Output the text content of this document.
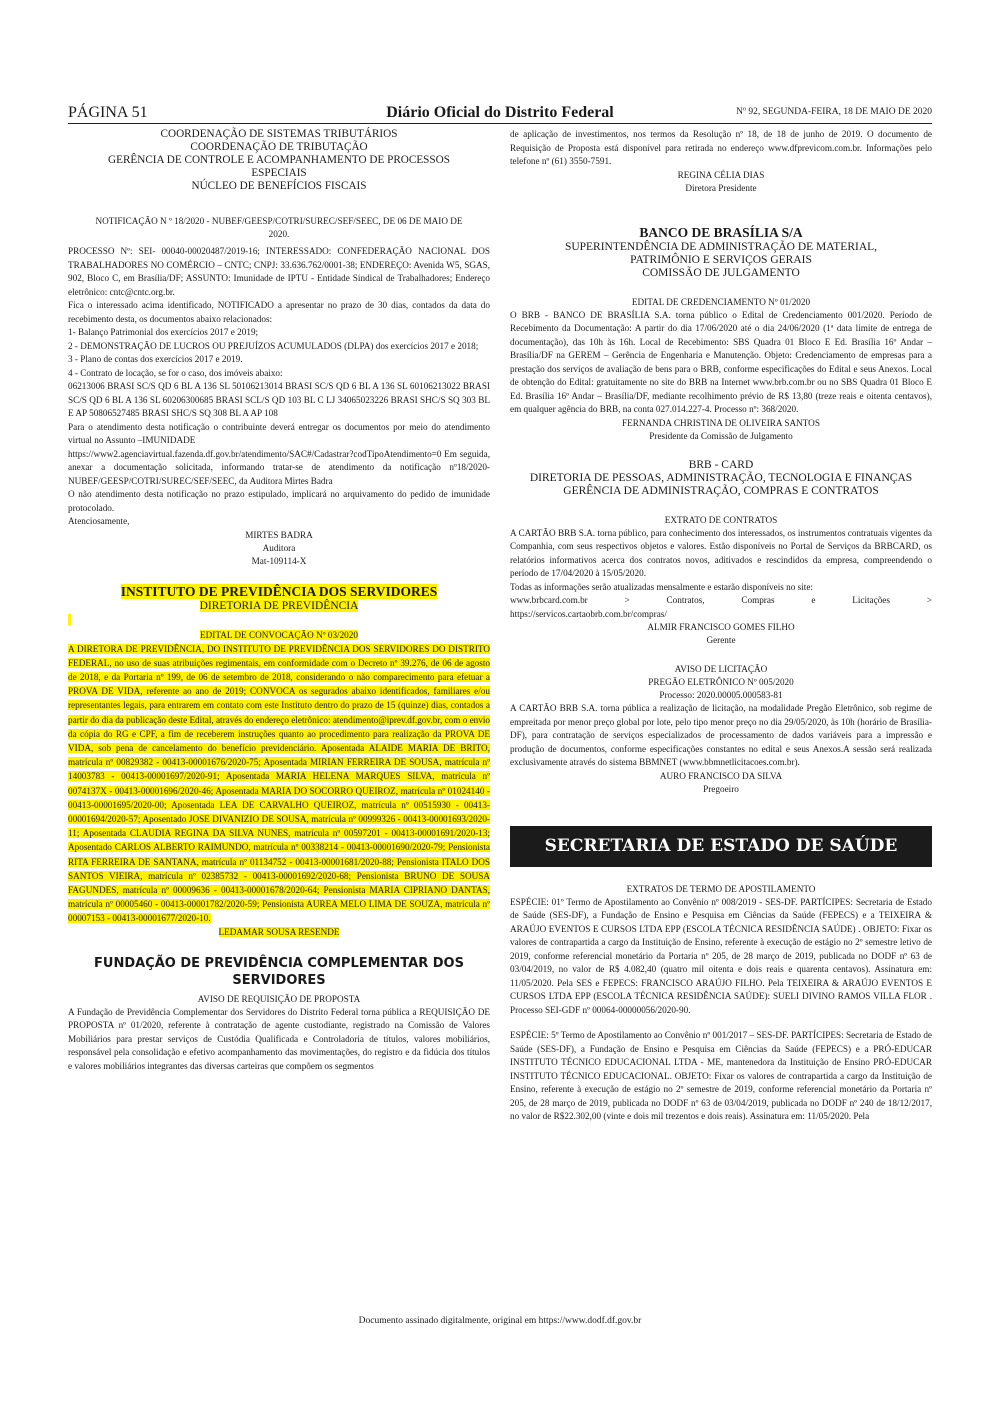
PÁGINA 51	Diário Oficial do Distrito Federal	Nº 92, SEGUNDA-FEIRA, 18 DE MAIO DE 2020

COORDENAÇÃO DE SISTEMAS TRIBUTÁRIOS

COORDENAÇÃO DE TRIBUTAÇÃO

GERÊNCIA DE CONTROLE E ACOMPANHAMENTO DE PROCESSOS ESPECIAIS

NÚCLEO DE BENEFÍCIOS FISCAIS

NOTIFICAÇÃO N º 18/2020 - NUBEF/GEESP/COTRI/SUREC/SEF/SEEC, DE 06 DE MAIO DE 2020.

PROCESSO Nº: SEI- 00040-00020487/2019-16; INTERESSADO: CONFEDERAÇÃO NACIONAL DOS TRABALHADORES NO COMÉRCIO – CNTC; CNPJ: 33.636.762/0001-38; ENDEREÇO: Avenida W5, SGAS, 902, Bloco C, em Brasília/DF; ASSUNTO: Imunidade de IPTU - Entidade Sindical de Trabalhadores; Endereço eletrônico: cntc@cntc.org.br.

Fica o interessado acima identificado, NOTIFICADO a apresentar no prazo de 30 dias, contados da data do recebimento desta, os documentos abaixo relacionados:

1- Balanço Patrimonial dos exercícios 2017 e 2019;

2 - DEMONSTRAÇÃO DE LUCROS OU PREJUÍZOS ACUMULADOS (DLPA) dos exercícios 2017 e 2018;

3 - Plano de contas dos exercícios 2017 e 2019.

4 - Contrato de locação, se for o caso, dos imóveis abaixo:

06213006 BRASI SC/S QD 6 BL A 136 SL 50106213014 BRASI SC/S QD 6 BL A 136 SL 60106213022 BRASI SC/S QD 6 BL A 136 SL 60206300685 BRASI SCL/S QD 103 BL C LJ 34065023226 BRASI SHC/S SQ 303 BL E AP 50806527485 BRASI SHC/S SQ 308 BL A AP 108

Para o atendimento desta notificação o contribuinte deverá entregar os documentos por meio do atendimento virtual no Assunto –IMUNIDADE

https://www2.agenciavirtual.fazenda.df.gov.br/atendimento/SAC#/Cadastrar?codTipoAtendimento=0 Em seguida, anexar a documentação solicitada, informando tratar-se de atendimento da notificação nº18/2020- NUBEF/GEESP/COTRI/SUREC/SEF/SEEC, da Auditora Mirtes Badra

O não atendimento desta notificação no prazo estipulado, implicará no arquivamento do pedido de imunidade protocolado.

Atenciosamente,

MIRTES BADRA

Auditora

Mat-109114-X

INSTITUTO DE PREVIDÊNCIA DOS SERVIDORES

DIRETORIA DE PREVIDÊNCIA

EDITAL DE CONVOCAÇÃO Nº 03/2020

A DIRETORA DE PREVIDÊNCIA, DO INSTITUTO DE PREVIDÊNCIA DOS SERVIDORES DO DISTRITO FEDERAL, no uso de suas atribuições regimentais, em conformidade com o Decreto nº 39.276, de 06 de agosto de 2018, e da Portaria nº 199, de 06 de setembro de 2018, considerando o não comparecimento para efetuar a PROVA DE VIDA, referente ao ano de 2019; CONVOCA os segurados abaixo identificados, familiares e/ou representantes legais, para entrarem em contato com este Instituto dentro do prazo de 15 (quinze) dias, contados a partir do dia da publicação deste Edital, através do endereço eletrônico: atendimento@iprev.df.gov.br, com o envio da cópia do RG e CPF, a fim de receberem instruções quanto ao procedimento para realização da PROVA DE VIDA, sob pena de cancelamento do benefício previdenciário. Aposentada ALAIDE MARIA DE BRITO, matrícula nº 00829382 - 00413-00001676/2020-75; Aposentada MIRIAN FERREIRA DE SOUSA, matrícula nº 14003783 - 00413-00001697/2020-91; Aposentada MARIA HELENA MARQUES SILVA, matrícula nº 0074137X - 00413-00001696/2020-46; Aposentada MARIA DO SOCORRO QUEIROZ, matrícula nº 01024140 - 00413-00001695/2020-00; Aposentada LEA DE CARVALHO QUEIROZ, matrícula nº 00515930 - 00413-00001694/2020-57; Aposentado JOSE DIVANIZIO DE SOUSA, matrícula nº 00999326 - 00413-00001693/2020-11; Aposentada CLAUDIA REGINA DA SILVA NUNES, matrícula nº 00597201 - 00413-00001691/2020-13; Aposentado CARLOS ALBERTO RAIMUNDO, matrícula nº 00338214 - 00413-00001690/2020-79; Pensionista RITA FERREIRA DE SANTANA, matrícula nº 01134752 - 00413-00001681/2020-88; Pensionista ITALO DOS SANTOS VIEIRA, matrícula nº 02385732 - 00413-00001692/2020-68; Pensionista BRUNO DE SOUSA FAGUNDES, matrícula nº 00009636 - 00413-00001678/2020-64; Pensionista MARIA CIPRIANO DANTAS, matrícula nº 00005460 - 00413-00001782/2020-59; Pensionista AUREA MELO LIMA DE SOUZA, matrícula nº 00007153 - 00413-00001677/2020-10.

LEDAMAR SOUSA RESENDE

FUNDAÇÃO DE PREVIDÊNCIA COMPLEMENTAR DOS SERVIDORES

AVISO DE REQUISIÇÃO DE PROPOSTA

A Fundação de Previdência Complementar dos Servidores do Distrito Federal torna pública a REQUISIÇÃO DE PROPOSTA nº 01/2020, referente à contratação de agente custodiante, registrado na Comissão de Valores Mobiliários para prestar serviços de Custódia Qualificada e Controladoria de títulos, valores mobiliários, responsável pela consolidação e efetivo acompanhamento das movimentações, do registro e da fidúcia dos títulos e valores mobiliários integrantes das diversas carteiras que compõem os segmentos

de aplicação de investimentos, nos termos da Resolução nº 18, de 18 de junho de 2019. O documento de Requisição de Proposta está disponível para retirada no endereço www.dfprevicom.com.br. Informações pelo telefone nº (61) 3550-7591.

REGINA CÉLIA DIAS

Diretora Presidente

BANCO DE BRASÍLIA S/A

SUPERINTENDÊNCIA DE ADMINISTRAÇÃO DE MATERIAL, PATRIMÔNIO E SERVIÇOS GERAIS

COMISSÃO DE JULGAMENTO

EDITAL DE CREDENCIAMENTO Nº 01/2020

O BRB - BANCO DE BRASÍLIA S.A. torna público o Edital de Credenciamento 001/2020. Período de Recebimento da Documentação: A partir do dia 17/06/2020 até o dia 24/06/2020 (1ª data limite de entrega de documentação), das 10h às 16h. Local de Recebimento: SBS Quadra 01 Bloco E Ed. Brasília 16º Andar – Brasília/DF na GEREM – Gerência de Engenharia e Manutenção. Objeto: Credenciamento de empresas para a prestação dos serviços de avaliação de bens para o BRB, conforme especificações do Edital e seus Anexos. Local de obtenção do Edital: gratuitamente no site do BRB na Internet www.brb.com.br ou no SBS Quadra 01 Bloco E Ed. Brasília 16º Andar – Brasília/DF, mediante recolhimento prévio de R$ 13,80 (treze reais e oitenta centavos), em qualquer agência do BRB, na conta 027.014.227-4. Processo nº: 368/2020.

FERNANDA CHRISTINA DE OLIVEIRA SANTOS

Presidente da Comissão de Julgamento

BRB - CARD

DIRETORIA DE PESSOAS, ADMINISTRAÇÃO, TECNOLOGIA E FINANÇAS

GERÊNCIA DE ADMINISTRAÇÃO, COMPRAS E CONTRATOS

EXTRATO DE CONTRATOS

A CARTÃO BRB S.A. torna público, para conhecimento dos interessados, os instrumentos contratuais vigentes da Companhia, com seus respectivos objetos e valores. Estão disponíveis no Portal de Serviços da BRBCARD, os relatórios informativos acerca dos contratos novos, aditivados e rescindidos da empresa, compreendendo o período de 17/04/2020 à 15/05/2020.

Todas as informações serão atualizadas mensalmente e estarão disponíveis no site:

www.brbcard.com.br	>	Contratos,	Compras	e	Licitações	>

https://servicos.cartaobrb.com.br/compras/

ALMIR FRANCISCO GOMES FILHO

Gerente

AVISO DE LICITAÇÃO

PREGÃO ELETRÔNICO Nº 005/2020

Processo: 2020.00005.000583-81

A CARTÃO BRB S.A. torna pública a realização de licitação, na modalidade Pregão Eletrônico, sob regime de empreitada por menor preço global por lote, pelo tipo menor preço no dia 29/05/2020, às 10h (horário de Brasília-DF), para contratação de serviços especializados de processamento de dados variáveis para a impressão e produção de documentos, conforme especificações constantes no edital e seus Anexos.A sessão será realizada exclusivamente através do sistema BBMNET (www.bbmnetlicitacoes.com.br).

AURO FRANCISCO DA SILVA

Pregoeiro

SECRETARIA DE ESTADO DE SAÚDE

EXTRATOS DE TERMO DE APOSTILAMENTO

ESPÉCIE: 01º Termo de Apostilamento ao Convênio nº 008/2019 - SES-DF. PARTÍCIPES: Secretaria de Estado de Saúde (SES-DF), a Fundação de Ensino e Pesquisa em Ciências da Saúde (FEPECS) e a TEIXEIRA & ARAÚJO EVENTOS E CURSOS LTDA EPP (ESCOLA TÉCNICA RESIDÊNCIA SAÚDE) . OBJETO: Fixar os valores de contrapartida a cargo da Instituição de Ensino, referente à execução de estágio no 2º semestre letivo de 2019, conforme referencial monetário da Portaria nº 205, de 28 março de 2019, publicada no DODF nº 63 de 03/04/2019, no valor de R$ 4.082,40 (quatro mil oitenta e dois reais e quarenta centavos). Assinatura em: 11/05/2020. Pela SES e FEPECS: FRANCISCO ARAÚJO FILHO. Pela TEIXEIRA & ARAÚJO EVENTOS E CURSOS LTDA EPP (ESCOLA TÉCNICA RESIDÊNCIA SAÚDE): SUELI DIVINO RAMOS VILLA FLOR . Processo SEI-GDF nº 00064-00000056/2020-90.

ESPÉCIE: 5º Termo de Apostilamento ao Convênio nº 001/2017 – SES-DF. PARTÍCIPES: Secretaria de Estado de Saúde (SES-DF), a Fundação de Ensino e Pesquisa em Ciências da Saúde (FEPECS) e a PRÓ-EDUCAR INSTITUTO TÉCNICO EDUCACIONAL LTDA - ME, mantenedora da Instituição de Ensino PRÓ-EDUCAR INSTITUTO TÉCNICO EDUCACIONAL. OBJETO: Fixar os valores de contrapartida a cargo da Instituição de Ensino, referente à execução de estágio no 2º semestre de 2019, conforme referencial monetário da Portaria nº 205, de 28 março de 2019, publicada no DODF nº 63 de 03/04/2019, publicada no DODF nº 240 de 18/12/2017, no valor de R$22.302,00 (vinte e dois mil trezentos e dois reais). Assinatura em: 11/05/2020. Pela

Documento assinado digitalmente, original em https://www.dodf.df.gov.br
